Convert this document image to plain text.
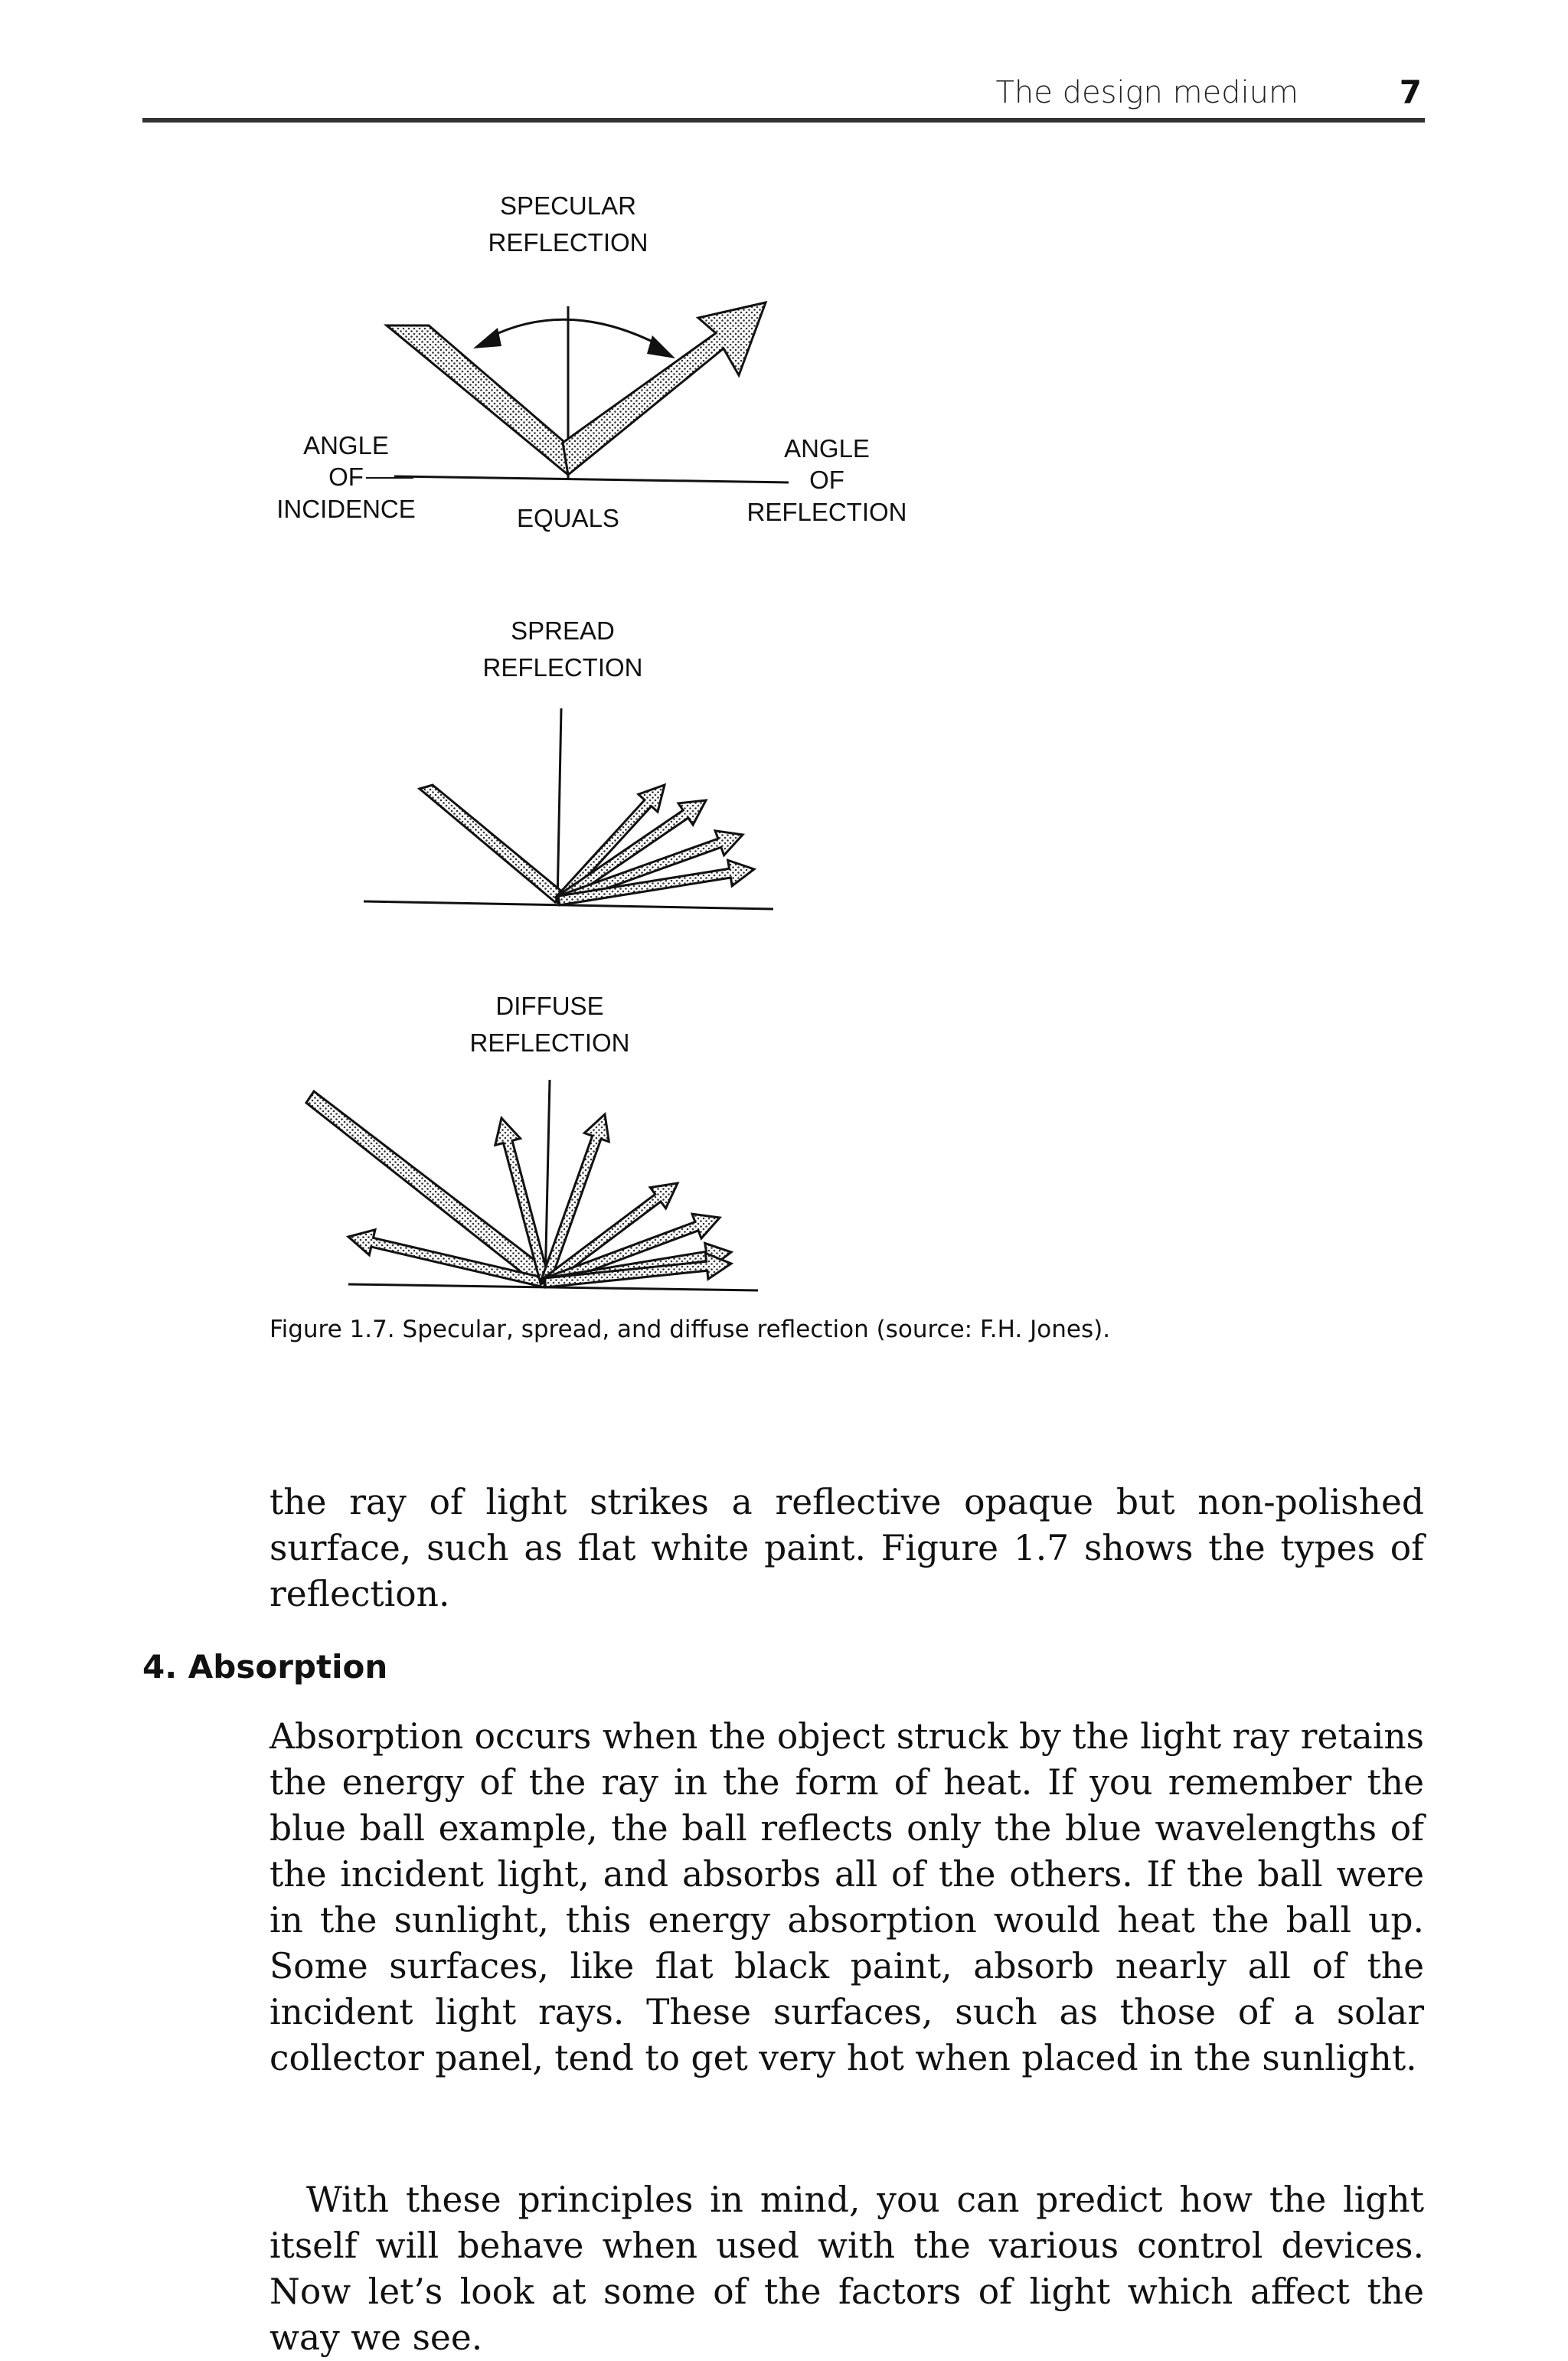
The design medium	7
SPECULAR
REFLECTION
ANGLE
OF
INCIDENCE	EQUALS
ANGLE
OF
REFLECTION
SPREAD
REFLECTION
DIFFUSE
REFLECTION
Figure 1.7. Specular, spread, and diffuse reflection (source: F.H. Jones).

the ray of light strikes a reflective opaque but non-polished surface, such as flat white paint. Figure 1.7 shows the types of reflection.

4. Absorption

Absorption occurs when the object struck by the light ray retains the energy of the ray in the form of heat. If you remember the blue ball example, the ball reflects only the blue wavelengths of the incident light, and absorbs all of the others. If the ball were in the sunlight, this energy absorption would heat the ball up. Some surfaces, like flat black paint, absorb nearly all of the incident light rays. These surfaces, such as those of a solar collector panel, tend to get very hot when placed in the sunlight.

With these principles in mind, you can predict how the light itself will behave when used with the various control devices. Now let’s look at some of the factors of light which affect the way we see.
